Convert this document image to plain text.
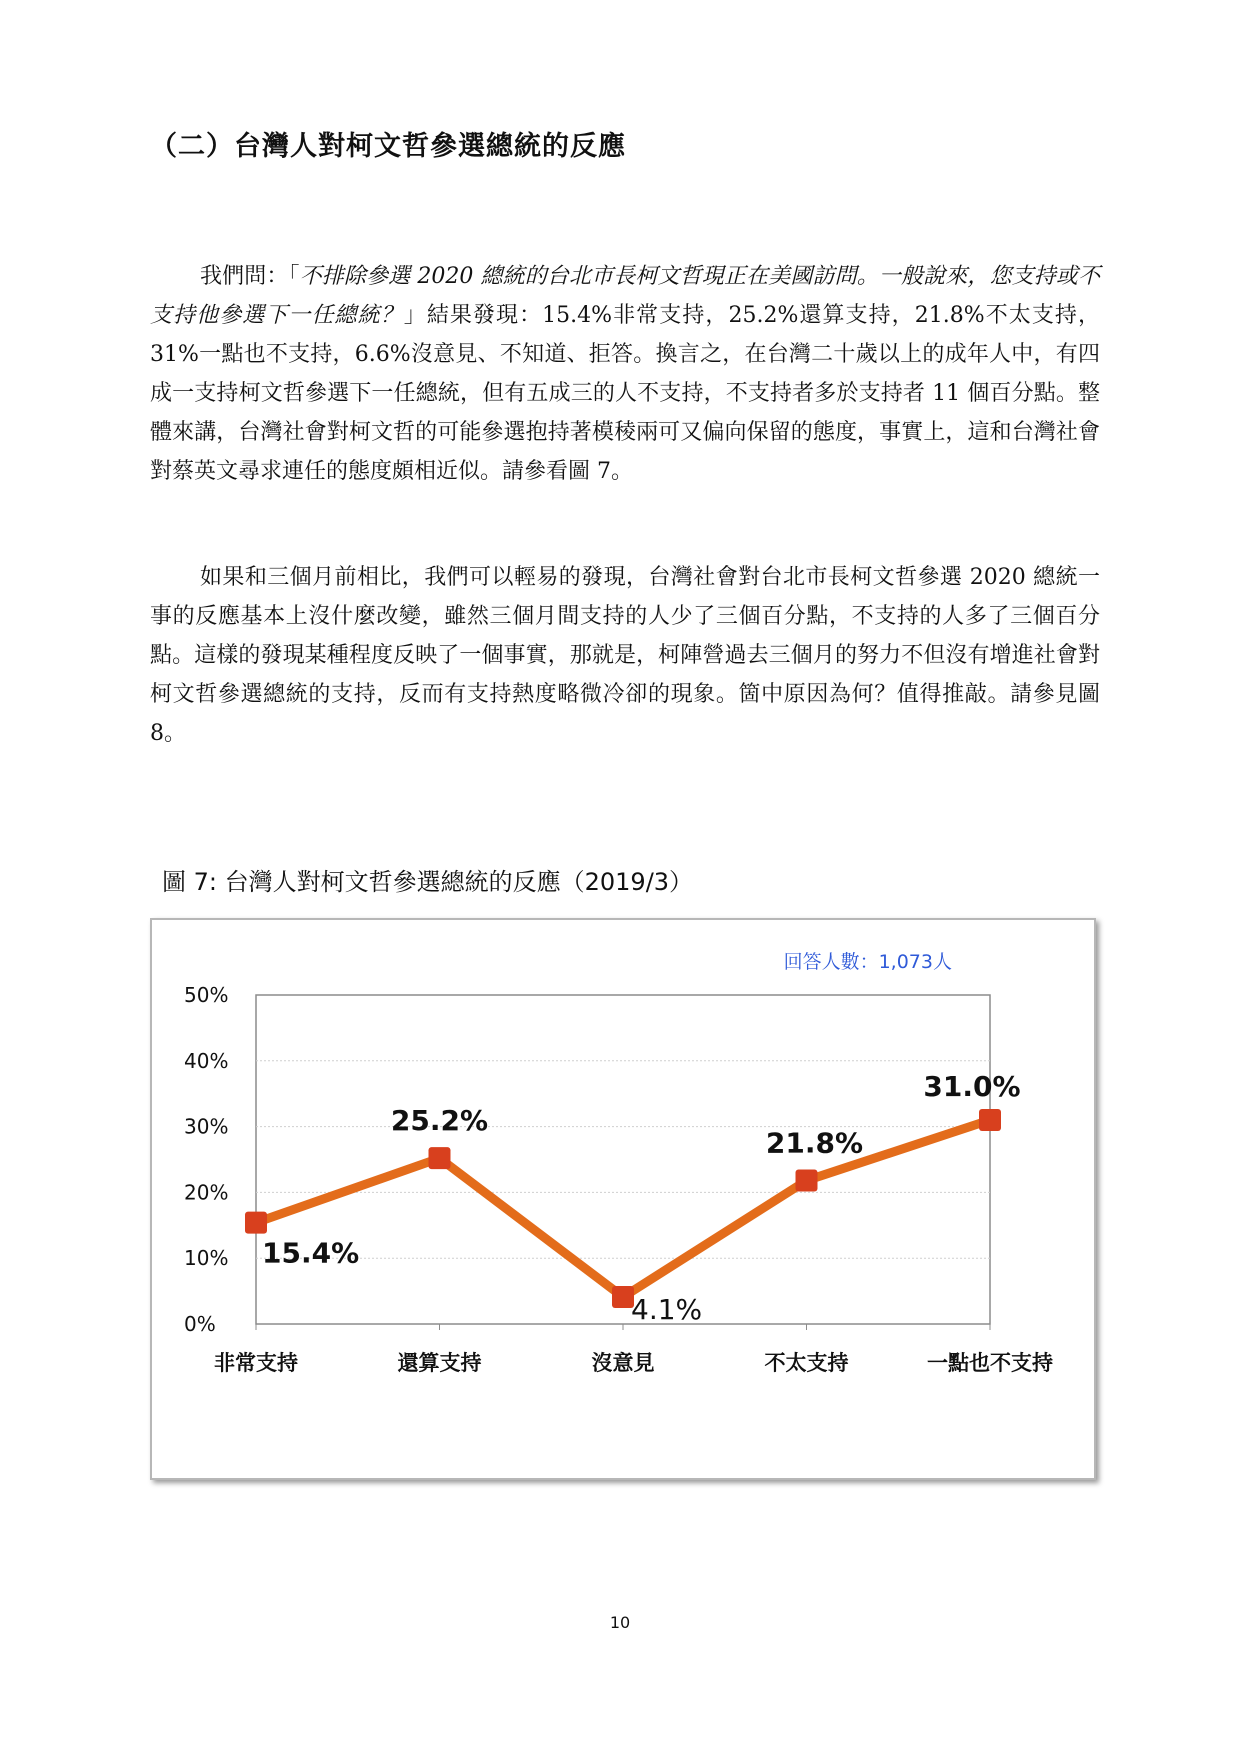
（二）台灣人對柯文哲參選總統的反應

我們問：「不排除參選 2020 總統的台北市長柯文哲現正在美國訪問。一般說來，您支持或不支持他參選下一任總統？」結果發現：15.4%非常支持，25.2%還算支持，21.8%不太支持，31%一點也不支持，6.6%沒意見、不知道、拒答。換言之，在台灣二十歲以上的成年人中，有四成一支持柯文哲參選下一任總統，但有五成三的人不支持，不支持者多於支持者 11 個百分點。整體來講，台灣社會對柯文哲的可能參選抱持著模稜兩可又偏向保留的態度，事實上，這和台灣社會對蔡英文尋求連任的態度頗相近似。請參看圖 7。

如果和三個月前相比，我們可以輕易的發現，台灣社會對台北市長柯文哲參選 2020 總統一事的反應基本上沒什麼改變，雖然三個月間支持的人少了三個百分點，不支持的人多了三個百分點。這樣的發現某種程度反映了一個事實，那就是，柯陣營過去三個月的努力不但沒有增進社會對柯文哲參選總統的支持，反而有支持熱度略微冷卻的現象。箇中原因為何？值得推敲。請參見圖 8。

圖 7: 台灣人對柯文哲參選總統的反應（2019/3）

0%
10%
20%
30%
40%
50%
非常支持	還算支持	沒意見	不太支持	一點也不支持
15.4%
25.2%
4.1%
21.8%
31.0%
回答人數：1,073人
10
